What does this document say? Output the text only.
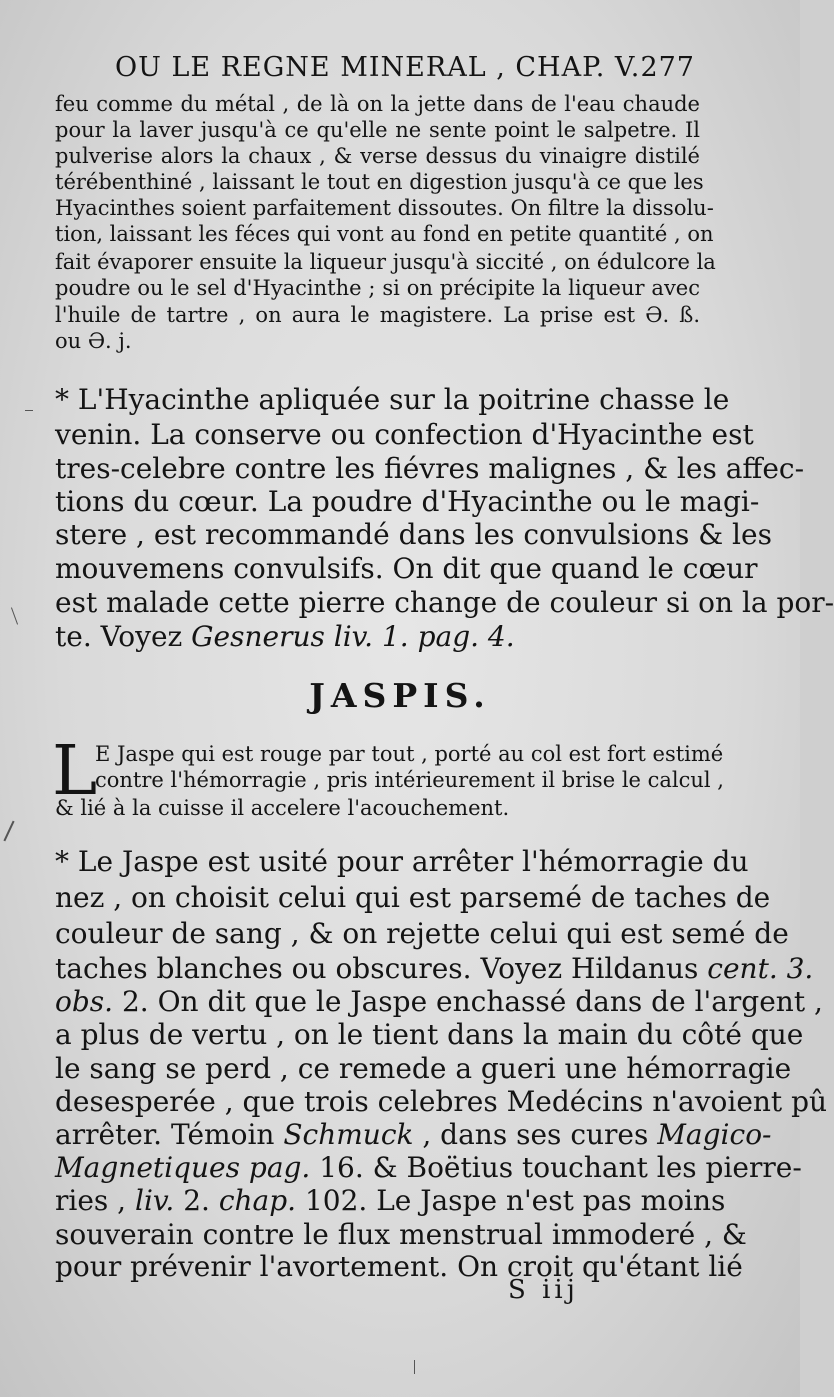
OU LE REGNE MINERAL , CHAP. V. 277

feu comme du métal , de là on la jette dans de l'eau chaude

pour la laver jusqu'à ce qu'elle ne sente point le salpetre. Il

pulverise alors la chaux , & verse dessus du vinaigre distilé

térébenthiné , laissant le tout en digestion jusqu'à ce que les

Hyacinthes soient parfaitement dissoutes. On filtre la dissolu-

tion, laissant les féces qui vont au fond en petite quantité , on

fait évaporer ensuite la liqueur jusqu'à siccité , on édulcore la

poudre ou le sel d'Hyacinthe ; si on précipite la liqueur avec

l'huile de tartre , on aura le magistere. La prise est Ə. ß.

ou Ə. j.

* L'Hyacinthe apliquée sur la poitrine chasse le

venin. La conserve ou confection d'Hyacinthe est

tres-celebre contre les fiévres malignes , & les affec-

tions du cœur. La poudre d'Hyacinthe ou le magi-

stere , est recommandé dans les convulsions & les

mouvemens convulsifs. On dit que quand le cœur

est malade cette pierre change de couleur si on la por-

te. Voyez Gesnerus liv. 1. pag. 4.

JASPIS.
L

E Jaspe qui est rouge par tout , porté au col est fort estimé

contre l'hémorragie , pris intérieurement il brise le calcul ,

& lié à la cuisse il accelere l'acouchement.

* Le Jaspe est usité pour arrêter l'hémorragie du

nez , on choisit celui qui est parsemé de taches de

couleur de sang , & on rejette celui qui est semé de

taches blanches ou obscures. Voyez Hildanus cent. 3.

obs. 2. On dit que le Jaspe enchassé dans de l'argent ,

a plus de vertu , on le tient dans la main du côté que

le sang se perd , ce remede a gueri une hémorragie

desesperée , que trois celebres Medécins n'avoient pû

arrêter. Témoin Schmuck , dans ses cures Magico-

Magnetiques pag. 16. & Boëtius touchant les pierre-

ries , liv. 2. chap. 102. Le Jaspe n'est pas moins

souverain contre le flux menstrual immoderé , &

pour prévenir l'avortement. On croit qu'étant lié

S iij
